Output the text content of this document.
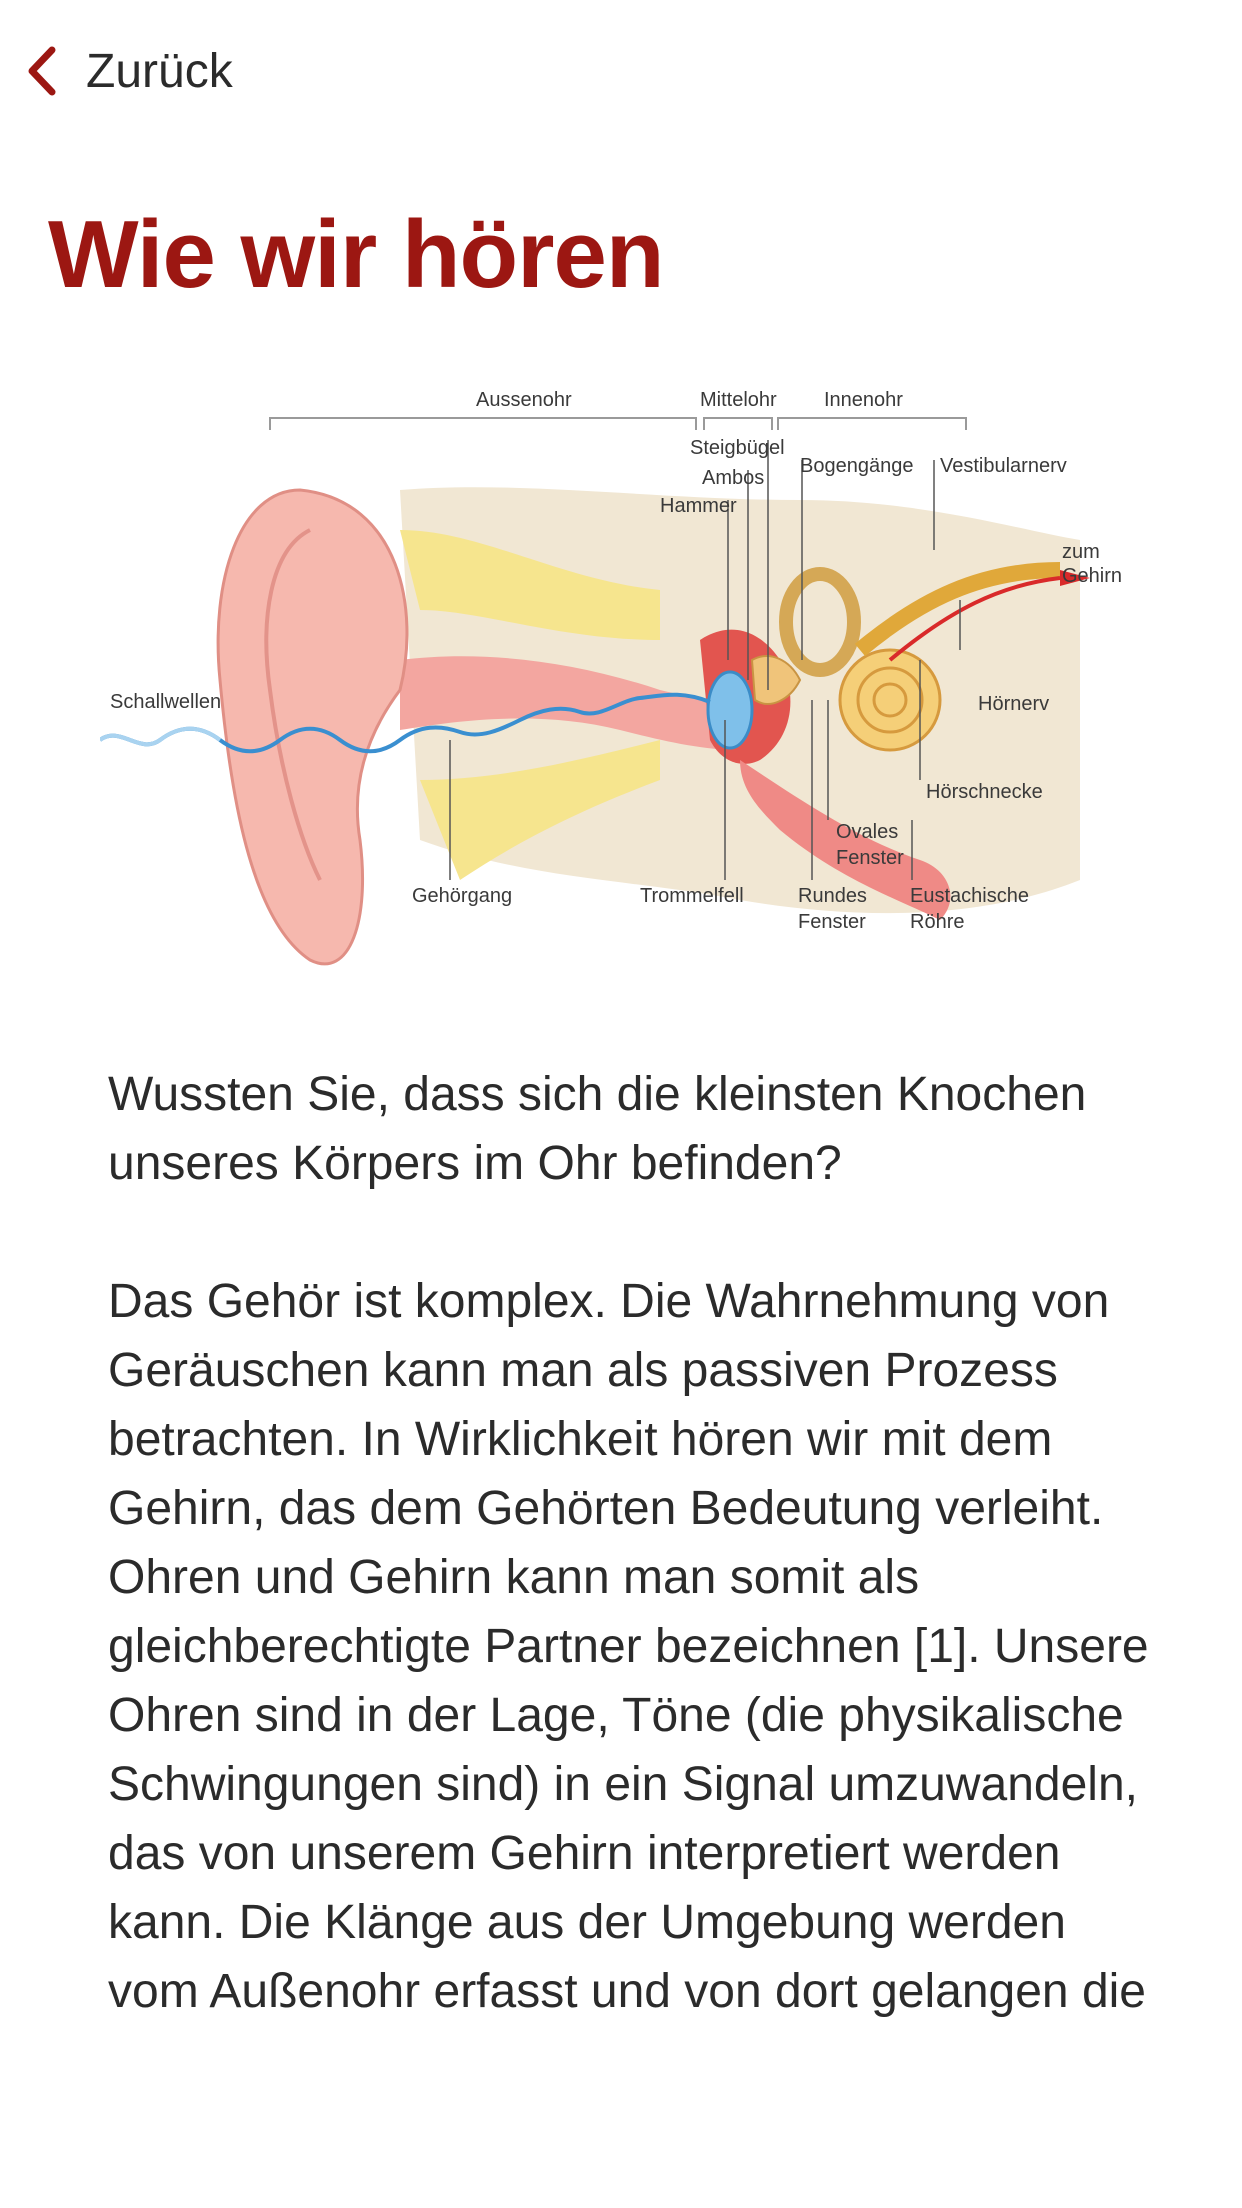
Zurück
Wie wir hören
Aussenohr	Mittelohr Innenohr
Schallwellen
Steigbügel
Ambos
Hammer
Bogengänge Vestibularnerv
zum
Gehirn
Hörnerv
Hörschnecke
Ovales
Fenster
Gehörgang	Trommelfell	Rundes
Fenster
Eustachische
Röhre

Wussten Sie, dass sich die kleinsten Knochen unseres Körpers im Ohr befinden?

Das Gehör ist komplex. Die Wahrnehmung von Geräuschen kann man als passiven Prozess betrachten. In Wirklichkeit hören wir mit dem Gehirn, das dem Gehörten Bedeutung verleiht. Ohren und Gehirn kann man somit als gleichberechtigte Partner bezeichnen [1]. Unsere Ohren sind in der Lage, Töne (die physikalische Schwingungen sind) in ein Signal umzuwandeln, das von unserem Gehirn interpretiert werden kann. Die Klänge aus der Umgebung werden vom Außenohr erfasst und von dort gelangen die
